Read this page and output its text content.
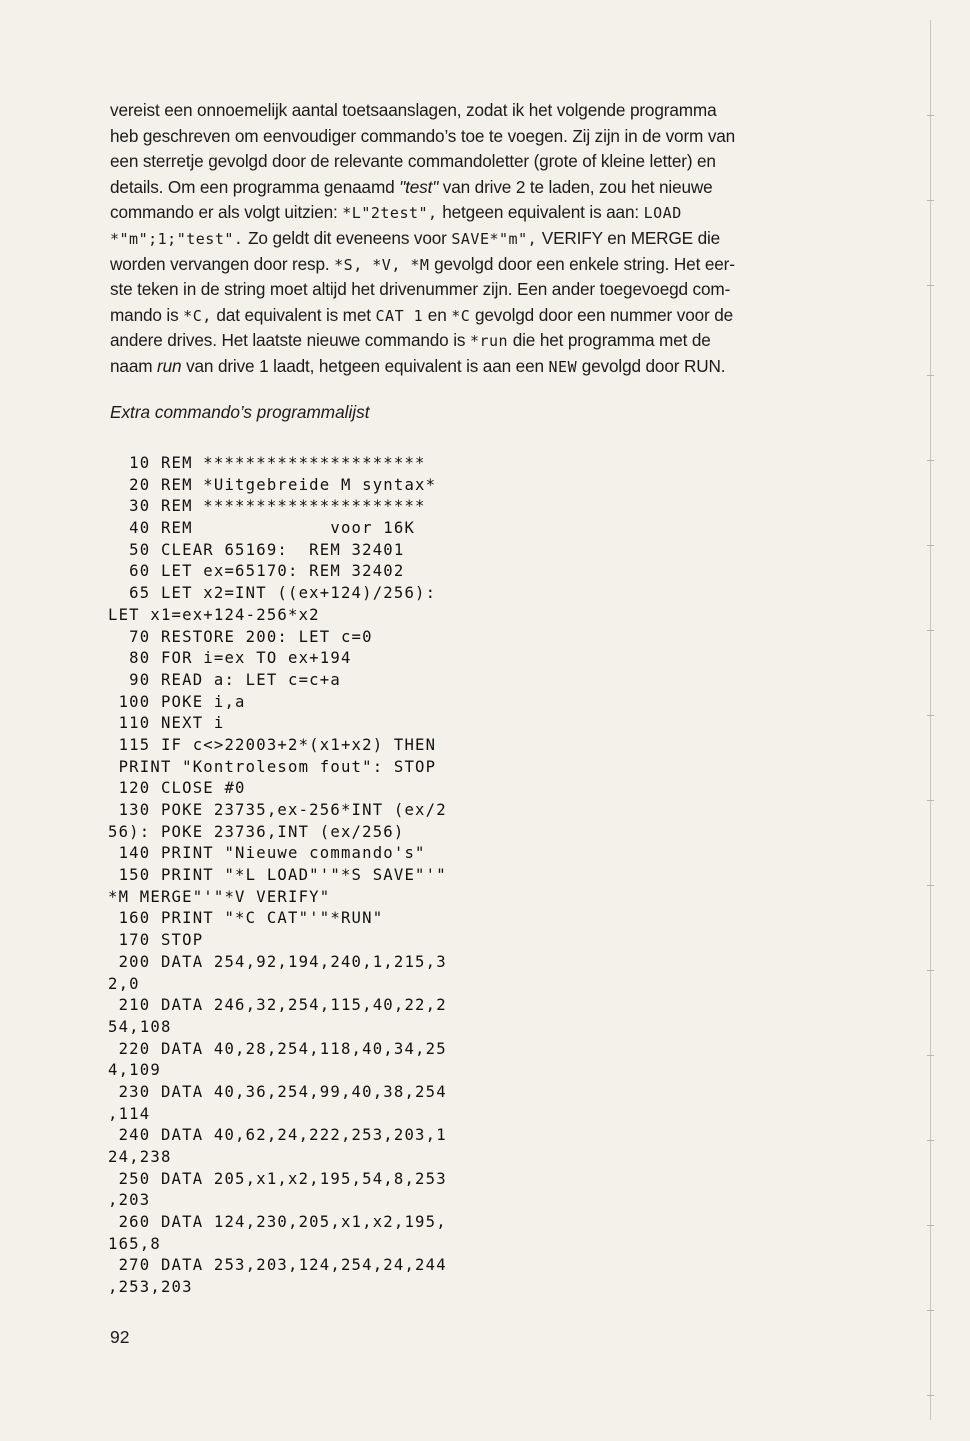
vereist een onnoemelijk aantal toetsaanslagen, zodat ik het volgende programma
heb geschreven om eenvoudiger commando’s toe te voegen. Zij zijn in de vorm van
een sterretje gevolgd door de relevante commandoletter (grote of kleine letter) en
details. Om een programma genaamd "test" van drive 2 te laden, zou het nieuwe
commando er als volgt uitzien: *L"2test", hetgeen equivalent is aan: LOAD
*"m";1;"test". Zo geldt dit eveneens voor SAVE*"m", VERIFY en MERGE die
worden vervangen door resp. *S, *V, *M gevolgd door een enkele string. Het eer-
ste teken in de string moet altijd het drivenummer zijn. Een ander toegevoegd com-
mando is *C, dat equivalent is met CAT 1 en *C gevolgd door een nummer voor de
andere drives. Het laatste nieuwe commando is *run die het programma met de
naam run van drive 1 laadt, hetgeen equivalent is aan een NEW gevolgd door RUN.
Extra commando’s programmalijst
10 REM *********************
20 REM *Uitgebreide M syntax*
30 REM *********************
40 REM             voor 16K
50 CLEAR 65169:  REM 32401
60 LET ex=65170: REM 32402
65 LET x2=INT ((ex+124)/256):
LET x1=ex+124-256*x2
70 RESTORE 200: LET c=0
80 FOR i=ex TO ex+194
90 READ a: LET c=c+a
100 POKE i,a
110 NEXT i
115 IF c<>22003+2*(x1+x2) THEN
PRINT "Kontrolesom fout": STOP
120 CLOSE #0
130 POKE 23735,ex-256*INT (ex/2
56): POKE 23736,INT (ex/256)
140 PRINT "Nieuwe commando's"
150 PRINT "*L LOAD"'"*S SAVE"'"
*M MERGE"'"*V VERIFY"
160 PRINT "*C CAT"'"*RUN"
170 STOP
200 DATA 254,92,194,240,1,215,3
2,0
210 DATA 246,32,254,115,40,22,2
54,108
220 DATA 40,28,254,118,40,34,25
4,109
230 DATA 40,36,254,99,40,38,254
,114
240 DATA 40,62,24,222,253,203,1
24,238
250 DATA 205,x1,x2,195,54,8,253
,203
260 DATA 124,230,205,x1,x2,195,
165,8
270 DATA 253,203,124,254,24,244
,253,203
92
